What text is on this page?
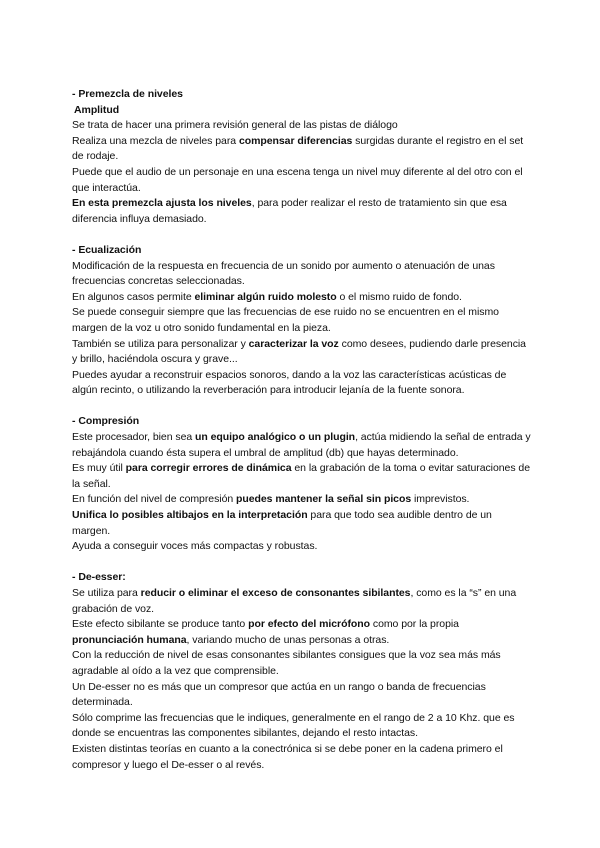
- Premezcla de niveles
Amplitud

Se trata de hacer una primera revisión general de las pistas de diálogo

Realiza una mezcla de niveles para compensar diferencias surgidas durante el registro en el set de rodaje.

Puede que el audio de un personaje en una escena tenga un nivel muy diferente al del otro con el que interactúa.

En esta premezcla ajusta los niveles, para poder realizar el resto de tratamiento sin que esa diferencia influya demasiado.

- Ecualización

Modificación de la respuesta en frecuencia de un sonido por aumento o atenuación de unas frecuencias concretas seleccionadas.

En algunos casos permite eliminar algún ruido molesto o el mismo ruido de fondo.

Se puede conseguir siempre que las frecuencias de ese ruido no se encuentren en el mismo margen de la voz u otro sonido fundamental en la pieza.

También se utiliza para personalizar y caracterizar la voz como desees, pudiendo darle presencia y brillo, haciéndola oscura y grave...

Puedes ayudar a reconstruir espacios sonoros, dando a la voz las características acústicas de algún recinto, o utilizando la reverberación para introducir lejanía de la fuente sonora.

- Compresión

Este procesador, bien sea un equipo analógico o un plugin, actúa midiendo la señal de entrada y rebajándola cuando ésta supera el umbral de amplitud (db) que hayas determinado.

Es muy útil para corregir errores de dinámica en la grabación de la toma o evitar saturaciones de la señal.

En función del nivel de compresión puedes mantener la señal sin picos imprevistos.

Unifica lo posibles altibajos en la interpretación para que todo sea audible dentro de un margen.

Ayuda a conseguir voces más compactas y robustas.

- De-esser:

Se utiliza para reducir o eliminar el exceso de consonantes sibilantes, como es la “s” en una grabación de voz.

Este efecto sibilante se produce tanto por efecto del micrófono como por la propia pronunciación humana, variando mucho de unas personas a otras.

Con la reducción de nivel de esas consonantes sibilantes consigues que la voz sea más más agradable al oído a la vez que comprensible.

Un De-esser no es más que un compresor que actúa en un rango o banda de frecuencias determinada.

Sólo comprime las frecuencias que le indiques, generalmente en el rango de 2 a 10 Khz. que es donde se encuentras las componentes sibilantes, dejando el resto intactas.

Existen distintas teorías en cuanto a la conectrónica si se debe poner en la cadena primero el compresor y luego el De-esser o al revés.
